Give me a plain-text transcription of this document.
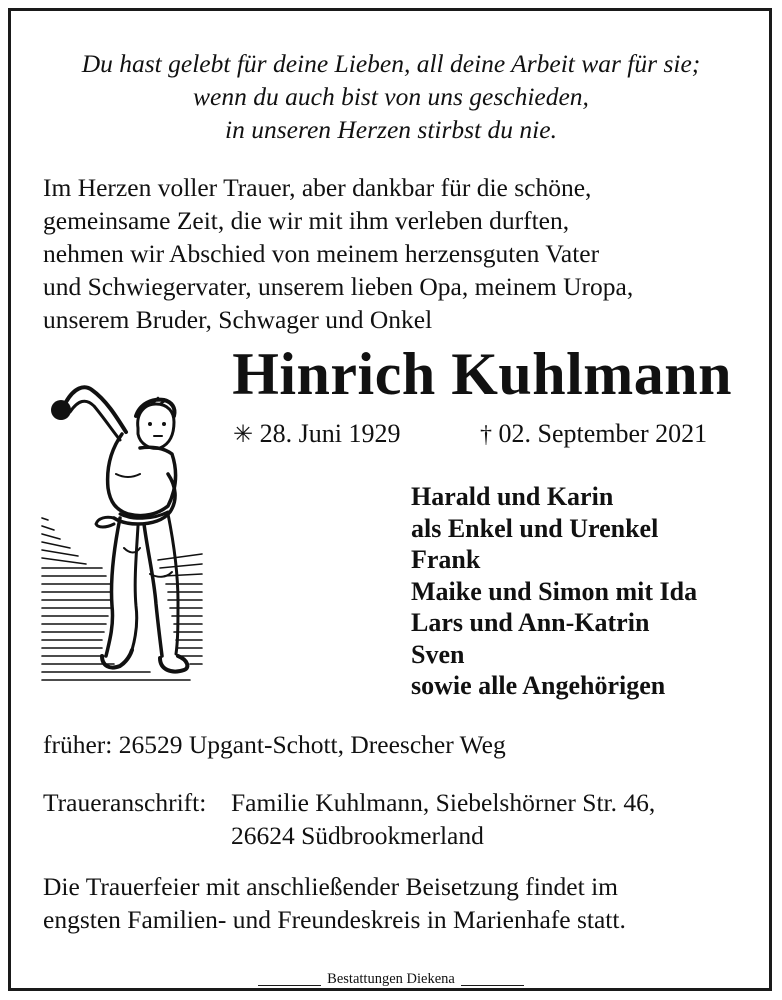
Du hast gelebt für deine Lieben, all deine Arbeit war für sie;
wenn du auch bist von uns geschieden,
in unseren Herzen stirbst du nie.
Im Herzen voller Trauer, aber dankbar für die schöne,
gemeinsame Zeit, die wir mit ihm verleben durften,
nehmen wir Abschied von meinem herzensguten Vater
und Schwiegervater, unserem lieben Opa, meinem Uropa,
unserem Bruder, Schwager und Onkel
Hinrich Kuhlmann
✳ 28. Juni 1929	† 02. September 2021
Harald und Karin
als Enkel und Urenkel
Frank
Maike und Simon mit Ida
Lars und Ann-Katrin
Sven
sowie alle Angehörigen
früher: 26529 Upgant-Schott, Dreescher Weg
Traueranschrift: Familie Kuhlmann, Siebelshörner Str. 46,
26624 Südbrookmerland
Die Trauerfeier mit anschließender Beisetzung findet im
engsten Familien- und Freundeskreis in Marienhafe statt.
Bestattungen Diekena
